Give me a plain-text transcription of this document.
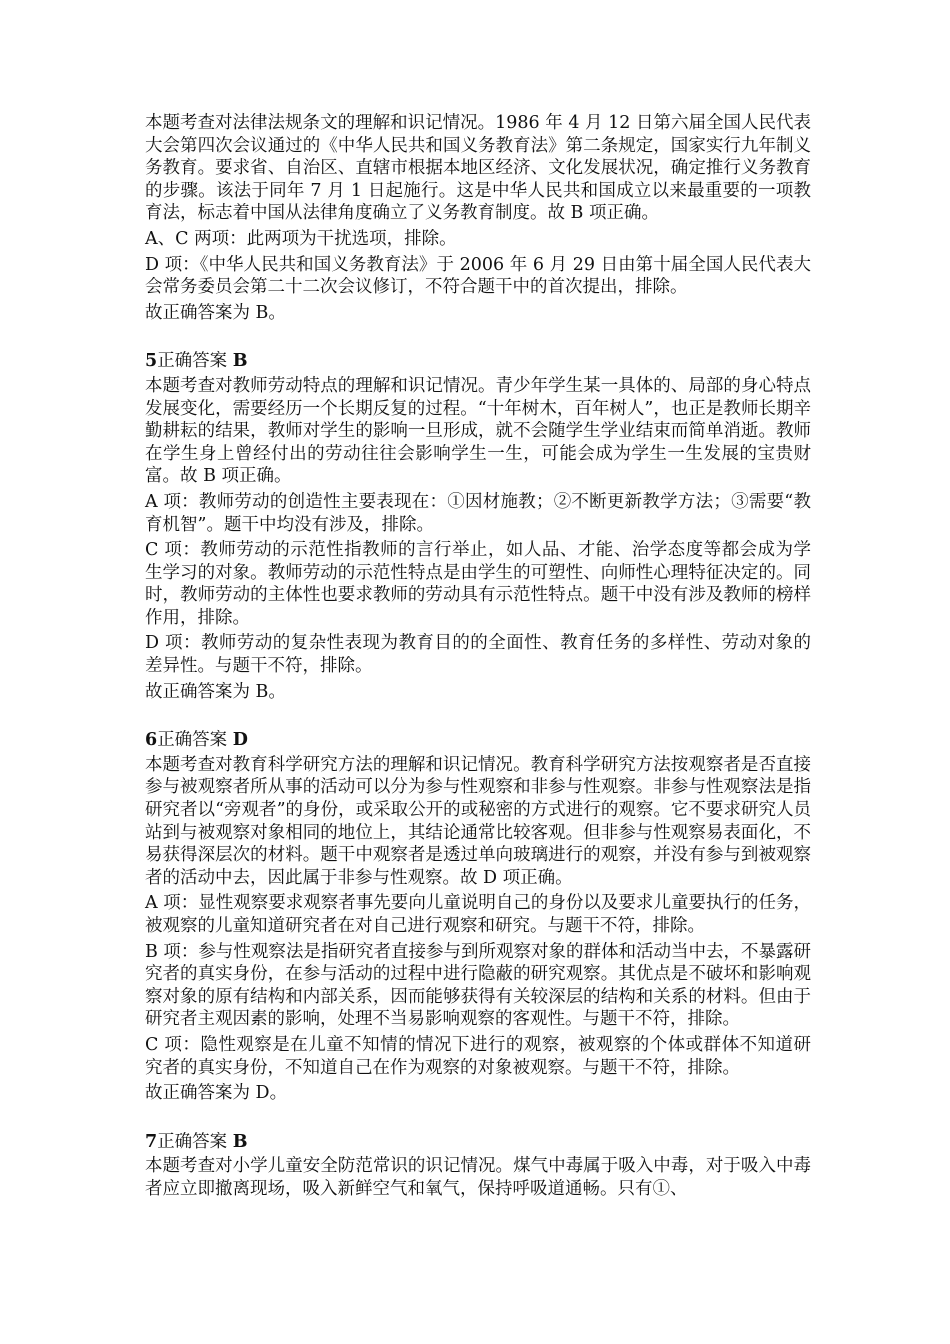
本题考查对法律法规条文的理解和识记情况。1986 年 4 月 12 日第六届全国人民代表大会第四次会议通过的《中华人民共和国义务教育法》第二条规定，国家实行九年制义务教育。要求省、自治区、直辖市根据本地区经济、文化发展状况，确定推行义务教育的步骤。该法于同年 7 月 1 日起施行。这是中华人民共和国成立以来最重要的一项教育法，标志着中国从法律角度确立了义务教育制度。故 B 项正确。

A、C 两项：此两项为干扰选项，排除。

D 项：《中华人民共和国义务教育法》于 2006 年 6 月 29 日由第十届全国人民代表大会常务委员会第二十二次会议修订，不符合题干中的首次提出，排除。

故正确答案为 B。

5正确答案 B

本题考查对教师劳动特点的理解和识记情况。青少年学生某一具体的、局部的身心特点发展变化，需要经历一个长期反复的过程。“十年树木，百年树人”，也正是教师长期辛勤耕耘的结果，教师对学生的影响一旦形成，就不会随学生学业结束而简单消逝。教师在学生身上曾经付出的劳动往往会影响学生一生，可能会成为学生一生发展的宝贵财富。故 B 项正确。

A 项：教师劳动的创造性主要表现在：①因材施教；②不断更新教学方法；③需要“教育机智”。题干中均没有涉及，排除。

C 项：教师劳动的示范性指教师的言行举止，如人品、才能、治学态度等都会成为学生学习的对象。教师劳动的示范性特点是由学生的可塑性、向师性心理特征决定的。同时，教师劳动的主体性也要求教师的劳动具有示范性特点。题干中没有涉及教师的榜样作用，排除。

D 项：教师劳动的复杂性表现为教育目的的全面性、教育任务的多样性、劳动对象的差异性。与题干不符，排除。

故正确答案为 B。

6正确答案 D

本题考查对教育科学研究方法的理解和识记情况。教育科学研究方法按观察者是否直接参与被观察者所从事的活动可以分为参与性观察和非参与性观察。非参与性观察法是指研究者以“旁观者”的身份，或采取公开的或秘密的方式进行的观察。它不要求研究人员站到与被观察对象相同的地位上，其结论通常比较客观。但非参与性观察易表面化，不易获得深层次的材料。题干中观察者是透过单向玻璃进行的观察，并没有参与到被观察者的活动中去，因此属于非参与性观察。故 D 项正确。

A 项：显性观察要求观察者事先要向儿童说明自己的身份以及要求儿童要执行的任务，被观察的儿童知道研究者在对自己进行观察和研究。与题干不符，排除。

B 项：参与性观察法是指研究者直接参与到所观察对象的群体和活动当中去，不暴露研究者的真实身份，在参与活动的过程中进行隐蔽的研究观察。其优点是不破坏和影响观察对象的原有结构和内部关系，因而能够获得有关较深层的结构和关系的材料。但由于研究者主观因素的影响，处理不当易影响观察的客观性。与题干不符，排除。

C 项：隐性观察是在儿童不知情的情况下进行的观察，被观察的个体或群体不知道研究者的真实身份，不知道自己在作为观察的对象被观察。与题干不符，排除。

故正确答案为 D。

7正确答案 B

本题考查对小学儿童安全防范常识的识记情况。煤气中毒属于吸入中毒，对于吸入中毒者应立即撤离现场，吸入新鲜空气和氧气，保持呼吸道通畅。只有①、
